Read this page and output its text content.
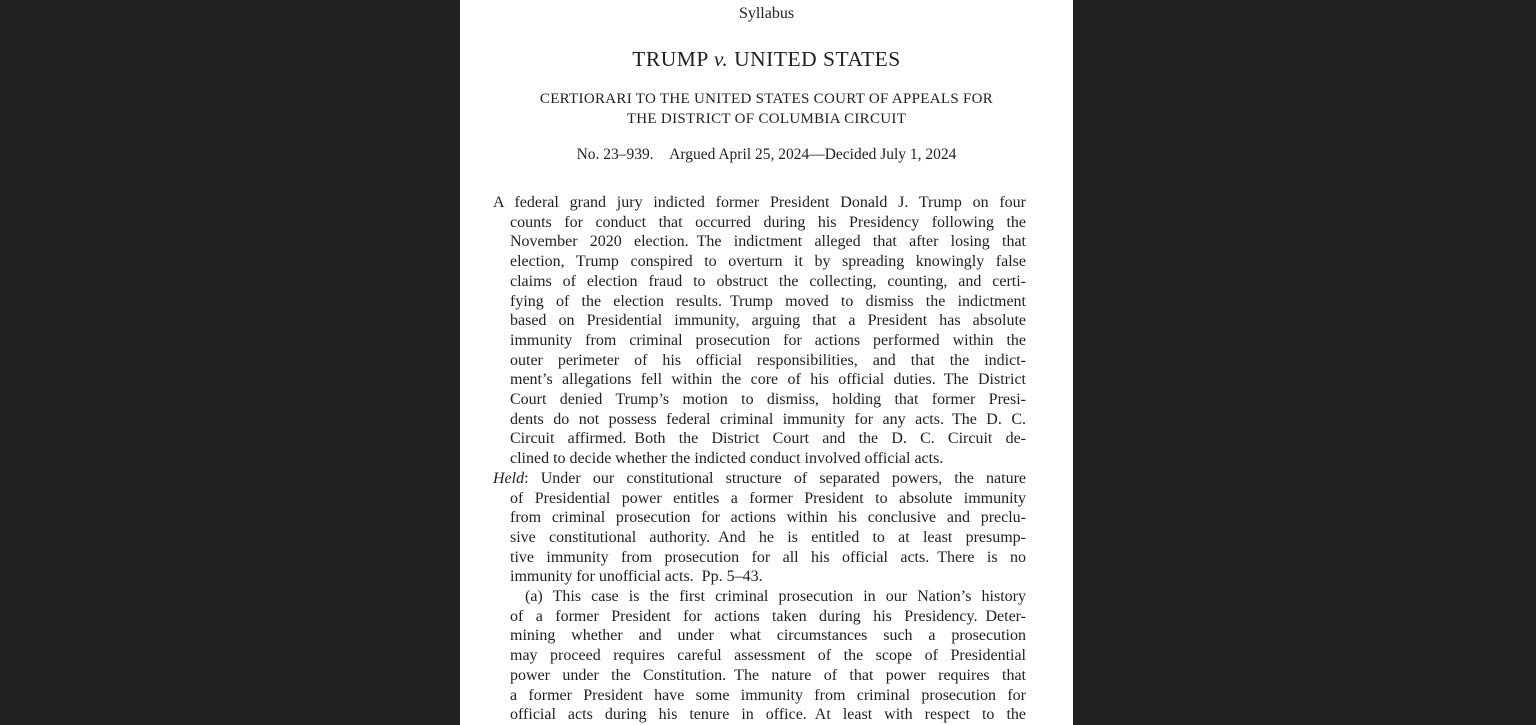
Syllabus
TRUMP v. UNITED STATES
CERTIORARI TO THE UNITED STATES COURT OF APPEALS FOR
THE DISTRICT OF COLUMBIA CIRCUIT
No. 23–939. Argued April 25, 2024—Decided July 1, 2024
A federal grand jury indicted former President Donald J. Trump on four
counts for conduct that occurred during his Presidency following the
November 2020 election. The indictment alleged that after losing that
election, Trump conspired to overturn it by spreading knowingly false
claims of election fraud to obstruct the collecting, counting, and certi-
fying of the election results. Trump moved to dismiss the indictment
based on Presidential immunity, arguing that a President has absolute
immunity from criminal prosecution for actions performed within the
outer perimeter of his official responsibilities, and that the indict-
ment’s allegations fell within the core of his official duties. The District
Court denied Trump’s motion to dismiss, holding that former Presi-
dents do not possess federal criminal immunity for any acts. The D. C.
Circuit affirmed. Both the District Court and the D. C. Circuit de-
clined to decide whether the indicted conduct involved official acts.
Held: Under our constitutional structure of separated powers, the nature
of Presidential power entitles a former President to absolute immunity
from criminal prosecution for actions within his conclusive and preclu-
sive constitutional authority. And he is entitled to at least presump-
tive immunity from prosecution for all his official acts. There is no
immunity for unofficial acts. Pp. 5–43.
(a) This case is the first criminal prosecution in our Nation’s history
of a former President for actions taken during his Presidency. Deter-
mining whether and under what circumstances such a prosecution
may proceed requires careful assessment of the scope of Presidential
power under the Constitution. The nature of that power requires that
a former President have some immunity from criminal prosecution for
official acts during his tenure in office. At least with respect to the
